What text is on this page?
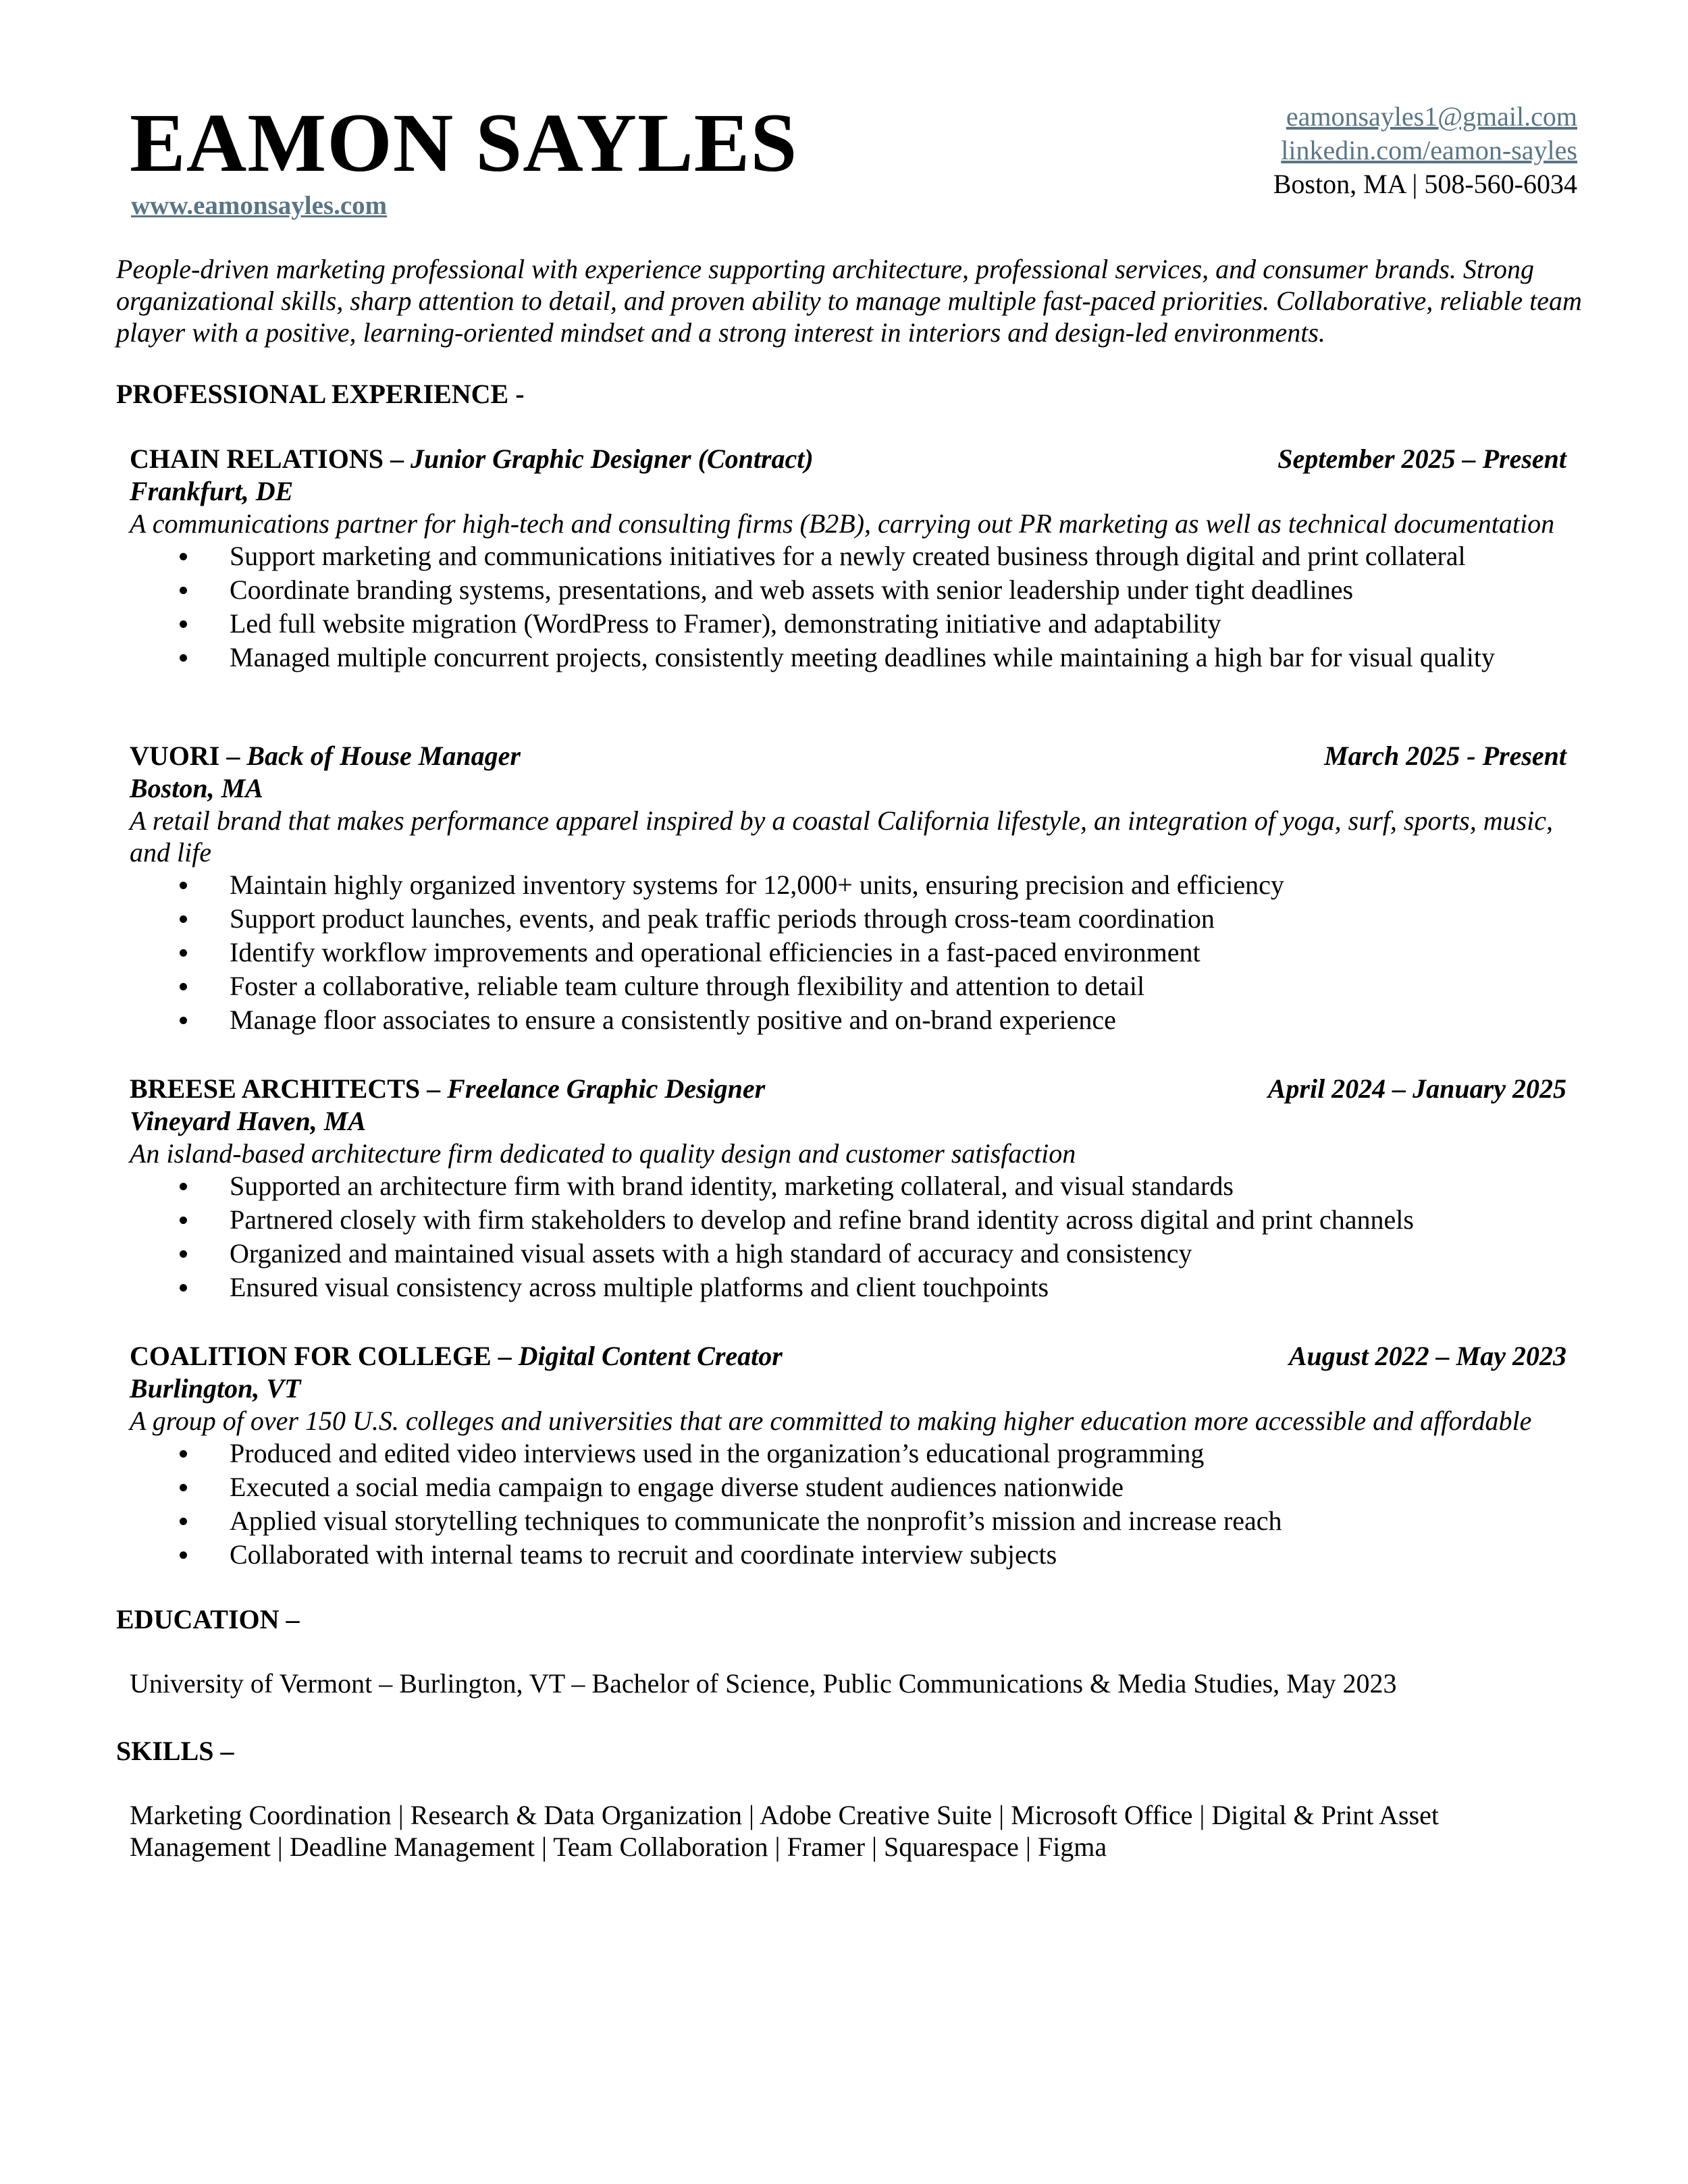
EAMON SAYLES
www.eamonsayles.com
eamonsayles1@gmail.com
linkedin.com/eamon-sayles
Boston, MA | 508-560-6034
People-driven marketing professional with experience supporting architecture, professional services, and consumer brands. Strong organizational skills, sharp attention to detail, and proven ability to manage multiple fast-paced priorities. Collaborative, reliable team player with a positive, learning-oriented mindset and a strong interest in interiors and design-led environments.
PROFESSIONAL EXPERIENCE -
CHAIN RELATIONS – Junior Graphic Designer (Contract)	September 2025 – Present
Frankfurt, DE
A communications partner for high-tech and consulting firms (B2B), carrying out PR marketing as well as technical documentation
Support marketing and communications initiatives for a newly created business through digital and print collateral
Coordinate branding systems, presentations, and web assets with senior leadership under tight deadlines
Led full website migration (WordPress to Framer), demonstrating initiative and adaptability
Managed multiple concurrent projects, consistently meeting deadlines while maintaining a high bar for visual quality
VUORI – Back of House Manager	March 2025 - Present
Boston, MA
A retail brand that makes performance apparel inspired by a coastal California lifestyle, an integration of yoga, surf, sports, music, and life
Maintain highly organized inventory systems for 12,000+ units, ensuring precision and efficiency
Support product launches, events, and peak traffic periods through cross-team coordination
Identify workflow improvements and operational efficiencies in a fast-paced environment
Foster a collaborative, reliable team culture through flexibility and attention to detail
Manage floor associates to ensure a consistently positive and on-brand experience
BREESE ARCHITECTS – Freelance Graphic Designer	April 2024 – January 2025
Vineyard Haven, MA
An island-based architecture firm dedicated to quality design and customer satisfaction
Supported an architecture firm with brand identity, marketing collateral, and visual standards
Partnered closely with firm stakeholders to develop and refine brand identity across digital and print channels
Organized and maintained visual assets with a high standard of accuracy and consistency
Ensured visual consistency across multiple platforms and client touchpoints
COALITION FOR COLLEGE – Digital Content Creator	August 2022 – May 2023
Burlington, VT
A group of over 150 U.S. colleges and universities that are committed to making higher education more accessible and affordable
Produced and edited video interviews used in the organization’s educational programming
Executed a social media campaign to engage diverse student audiences nationwide
Applied visual storytelling techniques to communicate the nonprofit’s mission and increase reach
Collaborated with internal teams to recruit and coordinate interview subjects
EDUCATION –
University of Vermont – Burlington, VT – Bachelor of Science, Public Communications & Media Studies, May 2023
SKILLS –
Marketing Coordination | Research & Data Organization | Adobe Creative Suite | Microsoft Office | Digital & Print Asset Management | Deadline Management | Team Collaboration | Framer | Squarespace | Figma
